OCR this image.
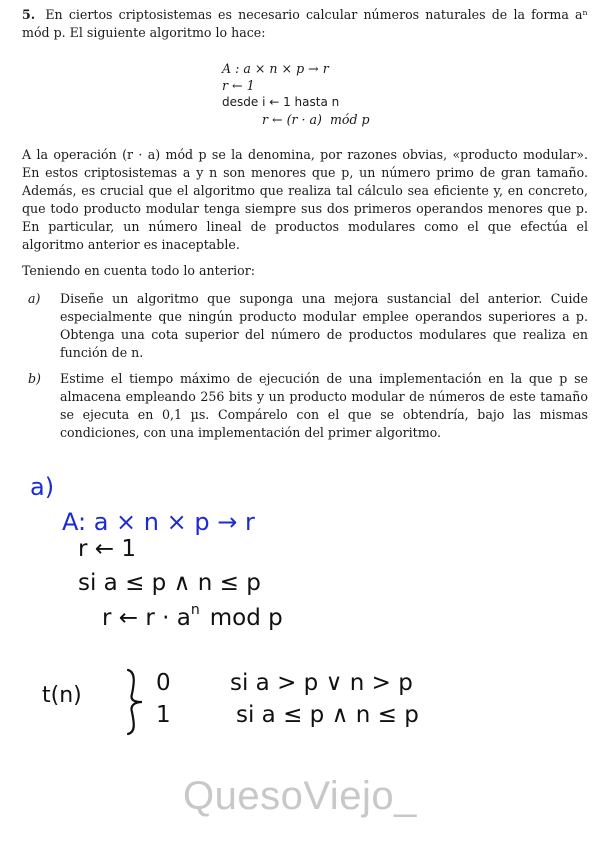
5. En ciertos criptosistemas es necesario calcular números naturales de la forma aⁿ mód p. El siguiente algoritmo lo hace:

A : a × n × p → r
r ← 1
desde i ← 1 hasta n
r ← (r · a)  mód p

A la operación (r · a) mód p se la denomina, por razones obvias, «producto modular». En estos criptosistemas a y n son menores que p, un número primo de gran tamaño. Además, es crucial que el algoritmo que realiza tal cálculo sea eficiente y, en concreto, que todo producto modular tenga siempre sus dos primeros operandos menores que p. En particular, un número lineal de productos modulares como el que efectúa el algoritmo anterior es inaceptable.

Teniendo en cuenta todo lo anterior:

a) Diseñe un algoritmo que suponga una mejora sustancial del anterior. Cuide especialmente que ningún producto modular emplee operandos superiores a p. Obtenga una cota superior del número de productos modulares que realiza en función de n.
b) Estime el tiempo máximo de ejecución de una implementación en la que p se almacena empleando 256 bits y un producto modular de números de este tamaño se ejecuta en 0,1 µs. Compárelo con el que se obtendría, bajo las mismas condiciones, con una implementación del primer algoritmo.
a)
A: a × n × p → r
r ← 1
si a ≤ p ∧ n ≤ p
r ← $r \cdot a^n$ mod p
t(n)	0	si a > p ∨ n > p
1	si a ≤ p ∧ n ≤ p
QuesoViejo_
